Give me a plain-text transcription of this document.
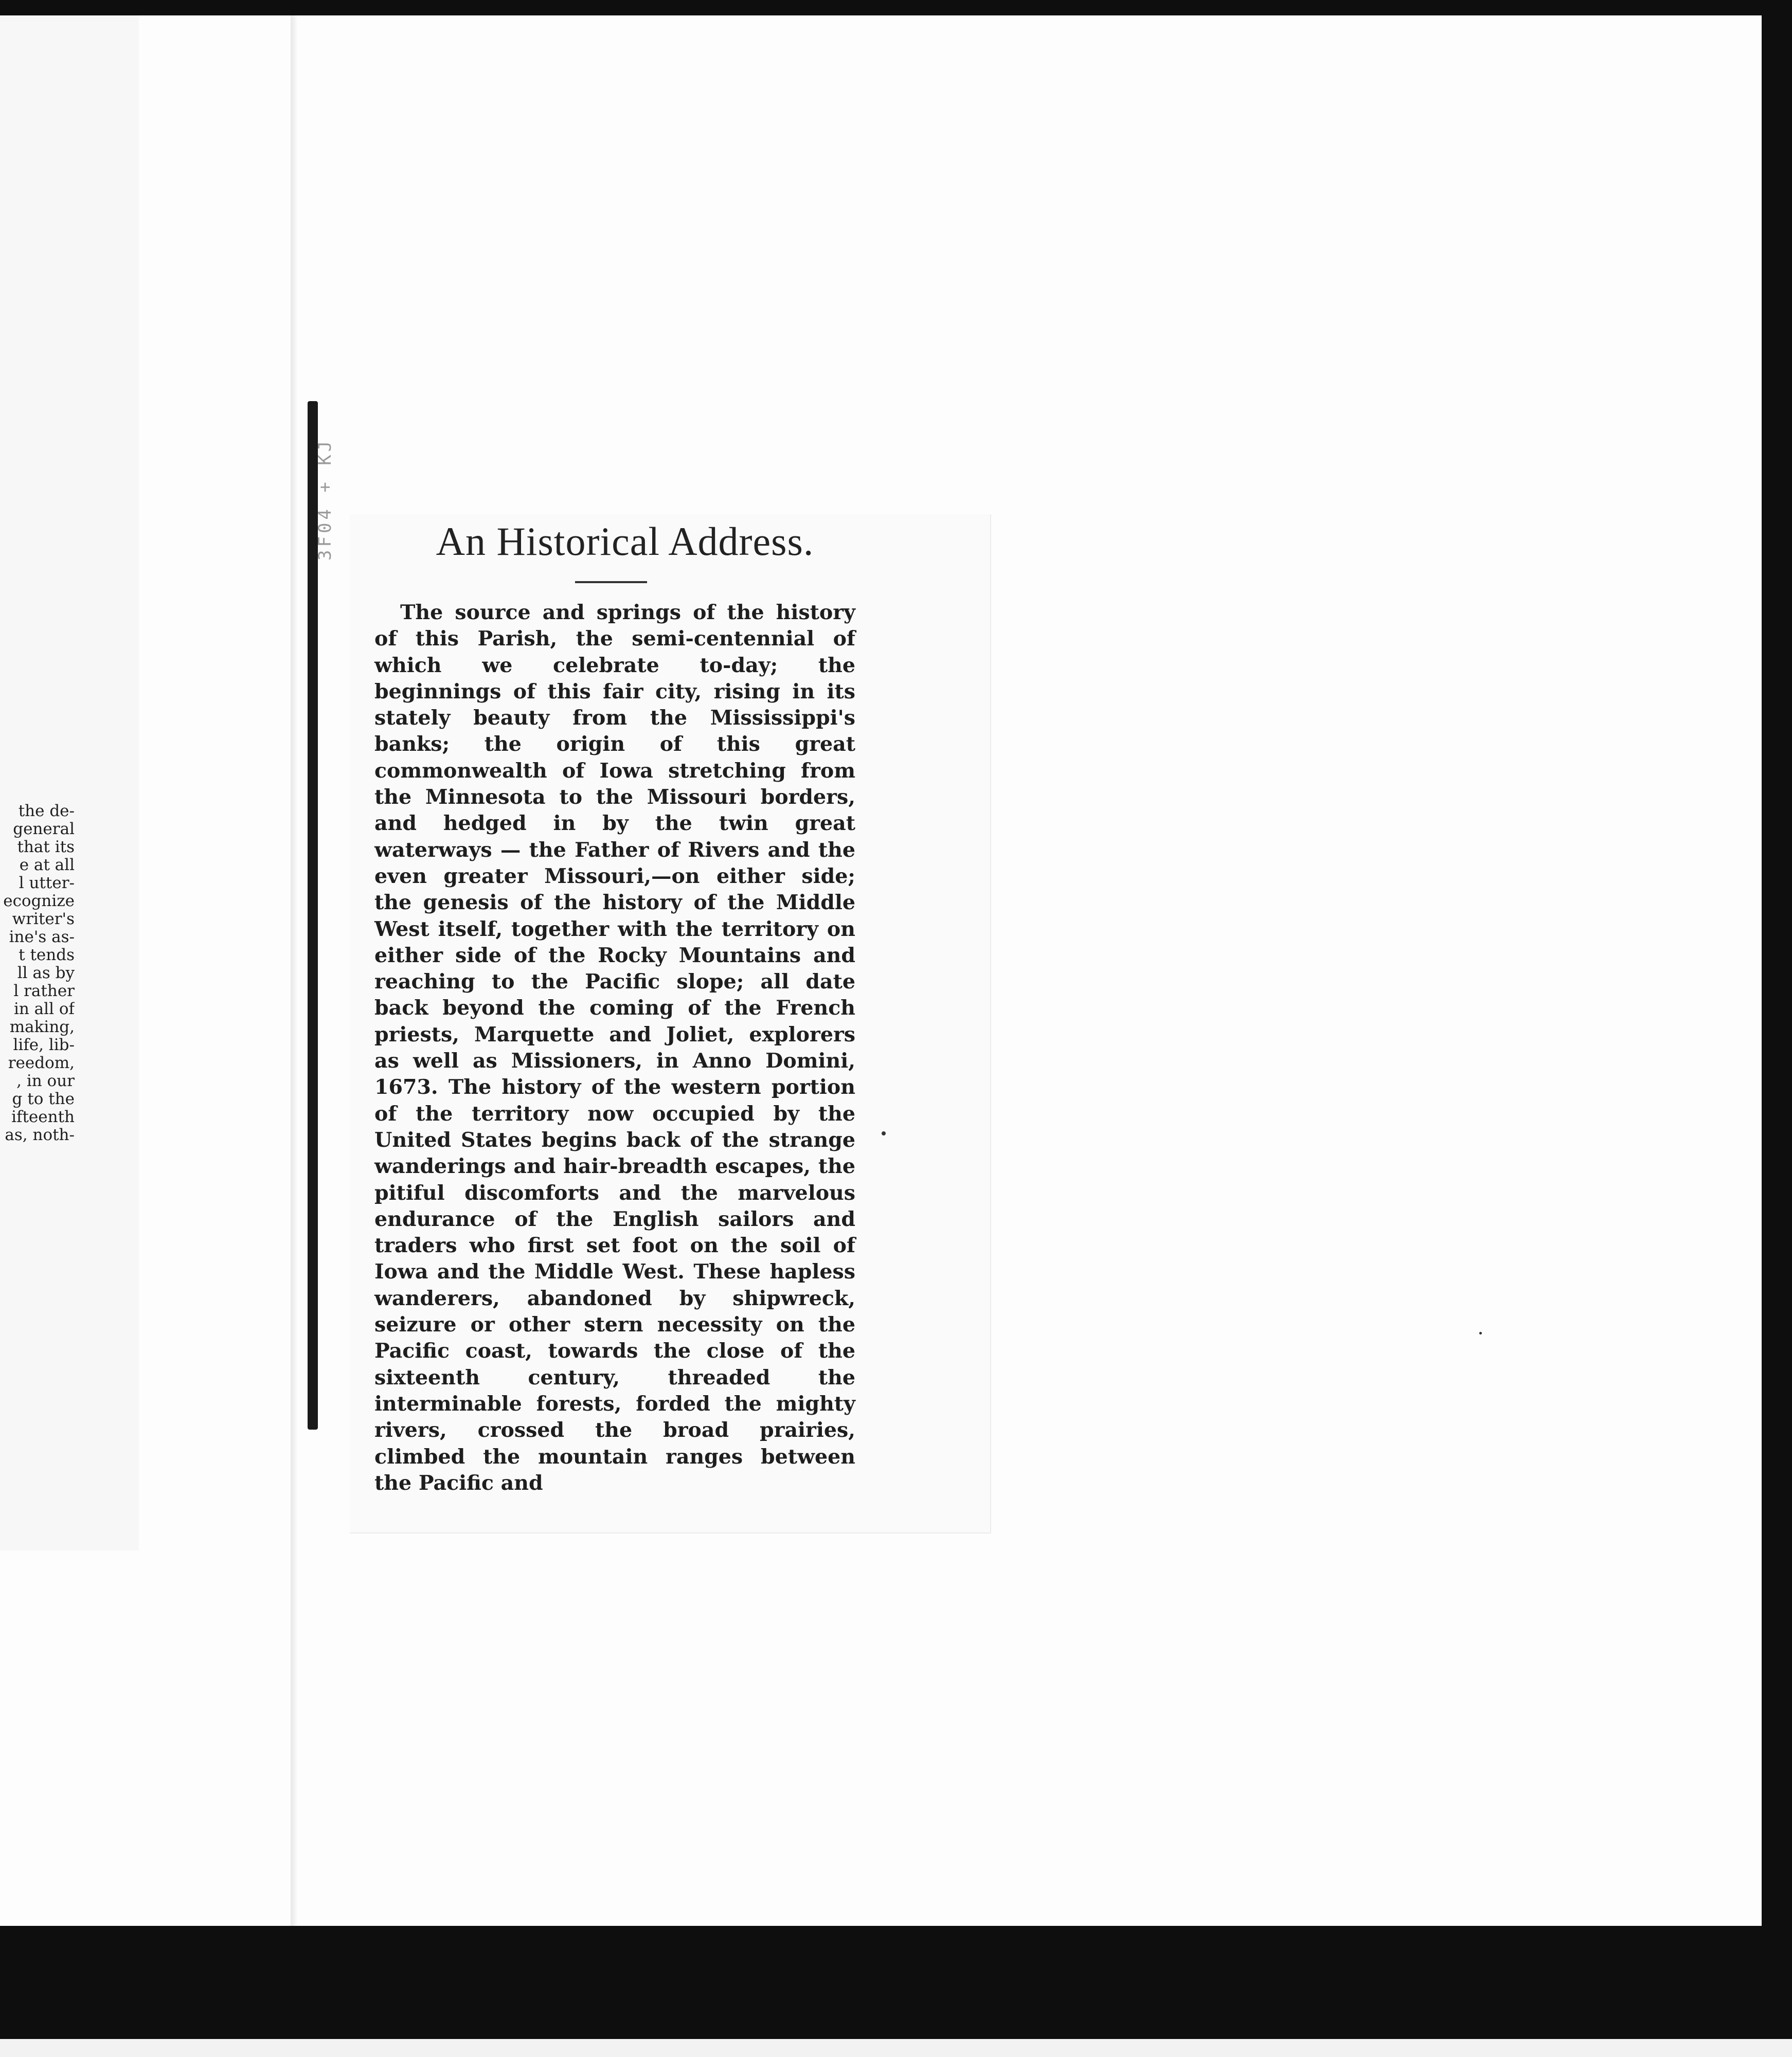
the de-
general
that its
e at all
l utter-
ecognize
writer's
ine's as-
t tends
ll as by
l rather
in all of
making,
life, lib-
reedom,
, in our
g to the
ifteenth
as, noth-
3F04 + KJ	An Historical Address.

The source and springs of the history of this Parish, the semi-centennial of which we celebrate to-day; the beginnings of this fair city, rising in its stately beauty from the Mississippi's banks; the origin of this great commonwealth of Iowa stretching from the Minnesota to the Missouri borders, and hedged in by the twin great waterways — the Father of Rivers and the even greater Missouri,—on either side; the genesis of the history of the Middle West itself, together with the territory on either side of the Rocky Mountains and reaching to the Pacific slope; all date back beyond the coming of the French priests, Marquette and Joliet, explorers as well as Missioners, in Anno Domini, 1673. The history of the western portion of the territory now occupied by the United States begins back of the strange wanderings and hair-breadth escapes, the pitiful discomforts and the marvelous endurance of the English sailors and traders who first set foot on the soil of Iowa and the Middle West. These hapless wanderers, abandoned by shipwreck, seizure or other stern necessity on the Pacific coast, towards the close of the sixteenth century, threaded the interminable forests, forded the mighty rivers, crossed the broad prairies, climbed the mountain ranges between the Pacific and
